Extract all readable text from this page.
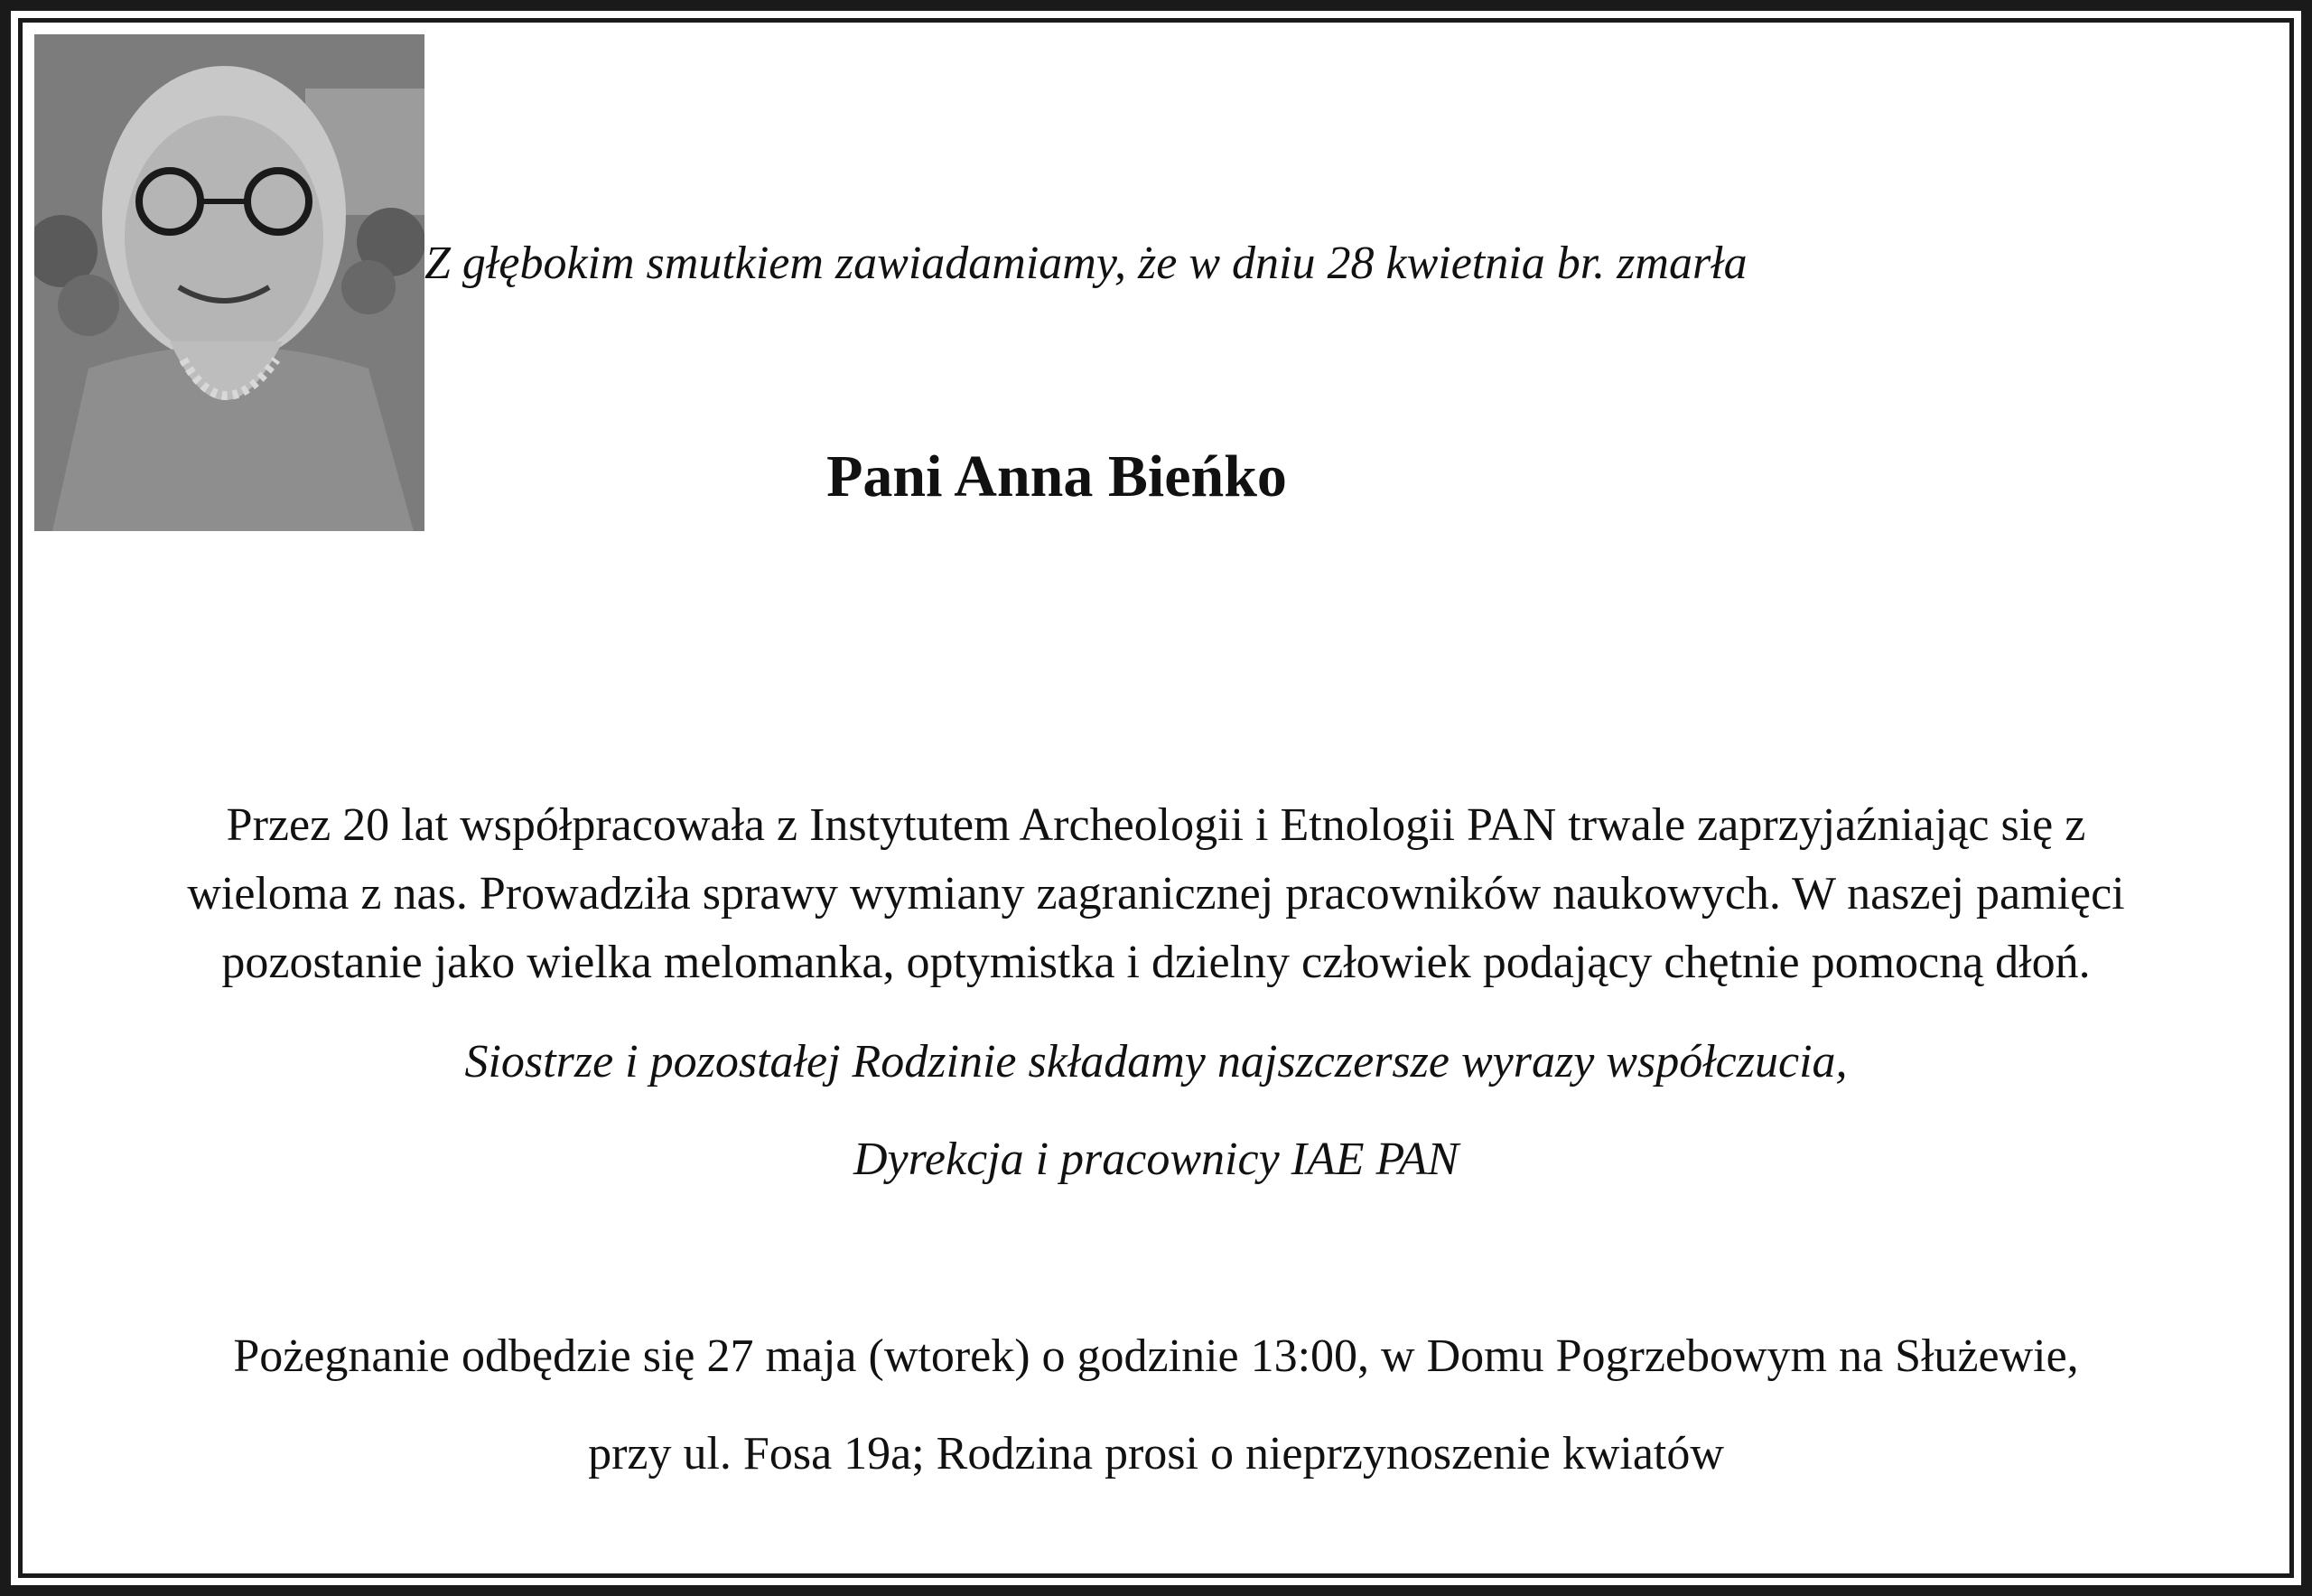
Z głębokim smutkiem zawiadamiamy, że w dniu 28 kwietnia br. zmarła
Pani Anna Bieńko
Przez 20 lat współpracowała z Instytutem Archeologii i Etnologii PAN trwale zaprzyjaźniając się z
wieloma z nas. Prowadziła sprawy wymiany zagranicznej pracowników naukowych. W naszej pamięci
pozostanie jako wielka melomanka, optymistka i dzielny człowiek podający chętnie pomocną dłoń.
Siostrze i pozostałej Rodzinie składamy najszczersze wyrazy współczucia,
Dyrekcja i pracownicy IAE PAN
Pożegnanie odbędzie się 27 maja (wtorek) o godzinie 13:00, w Domu Pogrzebowym na Służewie,
przy ul. Fosa 19a; Rodzina prosi o nieprzynoszenie kwiatów
